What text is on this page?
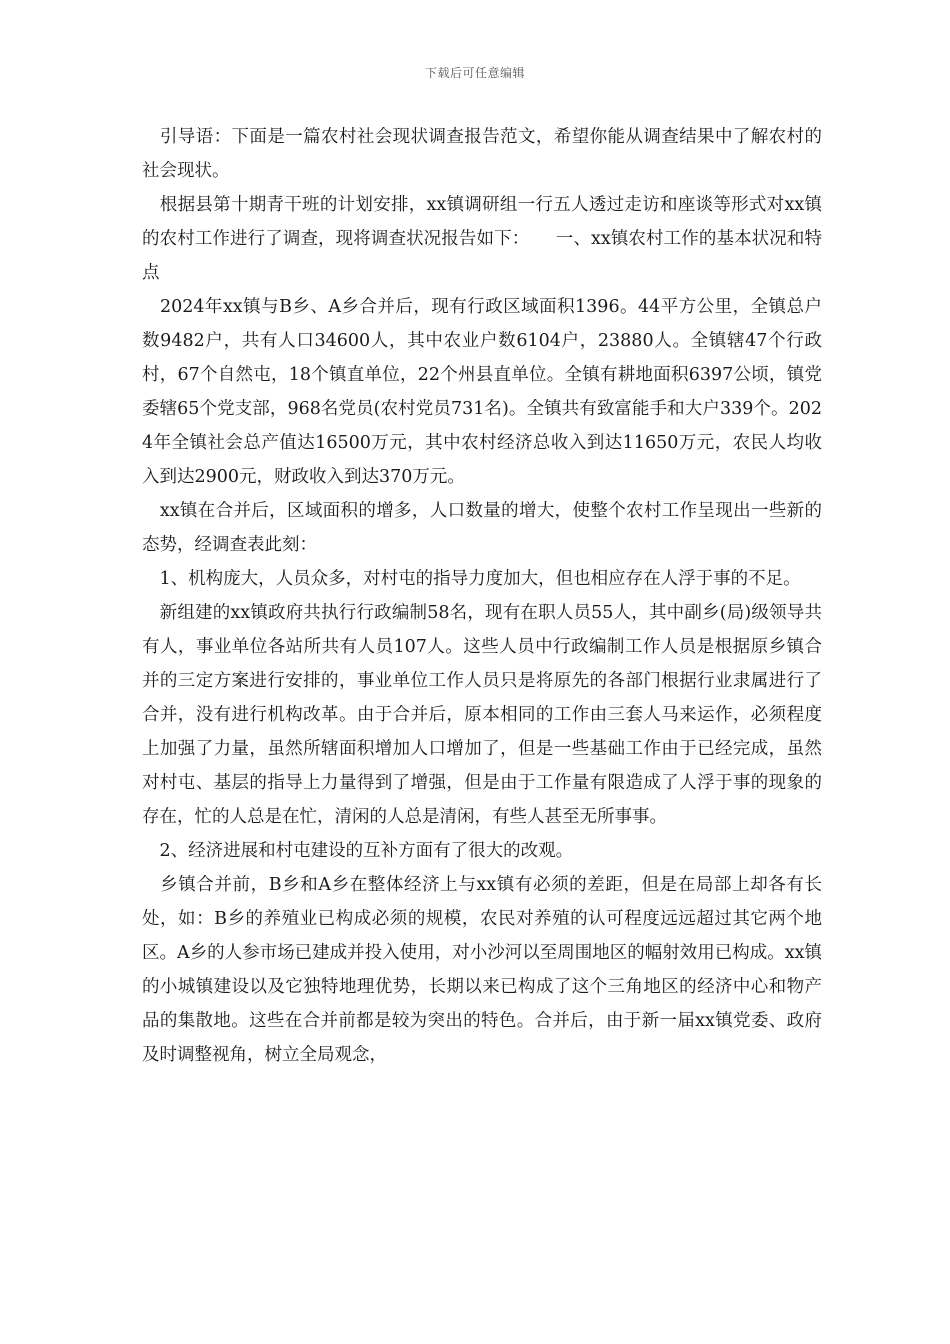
下载后可任意编辑

　引导语：下面是一篇农村社会现状调查报告范文，希望你能从调查结果中了解农村的社会现状。

　根据县第十期青干班的计划安排，xx镇调研组一行五人透过走访和座谈等形式对xx镇的农村工作进行了调查，现将调查状况报告如下：　　一、xx镇农村工作的基本状况和特点

　2024年xx镇与B乡、A乡合并后，现有行政区域面积1396。44平方公里，全镇总户数9482户，共有人口34600人，其中农业户数6104户，23880人。全镇辖47个行政村，67个自然屯，18个镇直单位，22个州县直单位。全镇有耕地面积6397公顷，镇党委辖65个党支部，968名党员(农村党员731名)。全镇共有致富能手和大户339个。2024年全镇社会总产值达16500万元，其中农村经济总收入到达11650万元，农民人均收入到达2900元，财政收入到达370万元。

　xx镇在合并后，区域面积的增多，人口数量的增大，使整个农村工作呈现出一些新的态势，经调查表此刻：

　1、机构庞大，人员众多，对村屯的指导力度加大，但也相应存在人浮于事的不足。

　新组建的xx镇政府共执行行政编制58名，现有在职人员55人，其中副乡(局)级领导共有人，事业单位各站所共有人员107人。这些人员中行政编制工作人员是根据原乡镇合并的三定方案进行安排的，事业单位工作人员只是将原先的各部门根据行业隶属进行了合并，没有进行机构改革。由于合并后，原本相同的工作由三套人马来运作，必须程度上加强了力量，虽然所辖面积增加人口增加了，但是一些基础工作由于已经完成，虽然对村屯、基层的指导上力量得到了增强，但是由于工作量有限造成了人浮于事的现象的存在，忙的人总是在忙，清闲的人总是清闲，有些人甚至无所事事。

　2、经济进展和村屯建设的互补方面有了很大的改观。

　乡镇合并前，B乡和A乡在整体经济上与xx镇有必须的差距，但是在局部上却各有长处，如：B乡的养殖业已构成必须的规模，农民对养殖的认可程度远远超过其它两个地区。A乡的人参市场已建成并投入使用，对小沙河以至周围地区的幅射效用已构成。xx镇的小城镇建设以及它独特地理优势，长期以来已构成了这个三角地区的经济中心和物产品的集散地。这些在合并前都是较为突出的特色。合并后，由于新一届xx镇党委、政府及时调整视角，树立全局观念，
